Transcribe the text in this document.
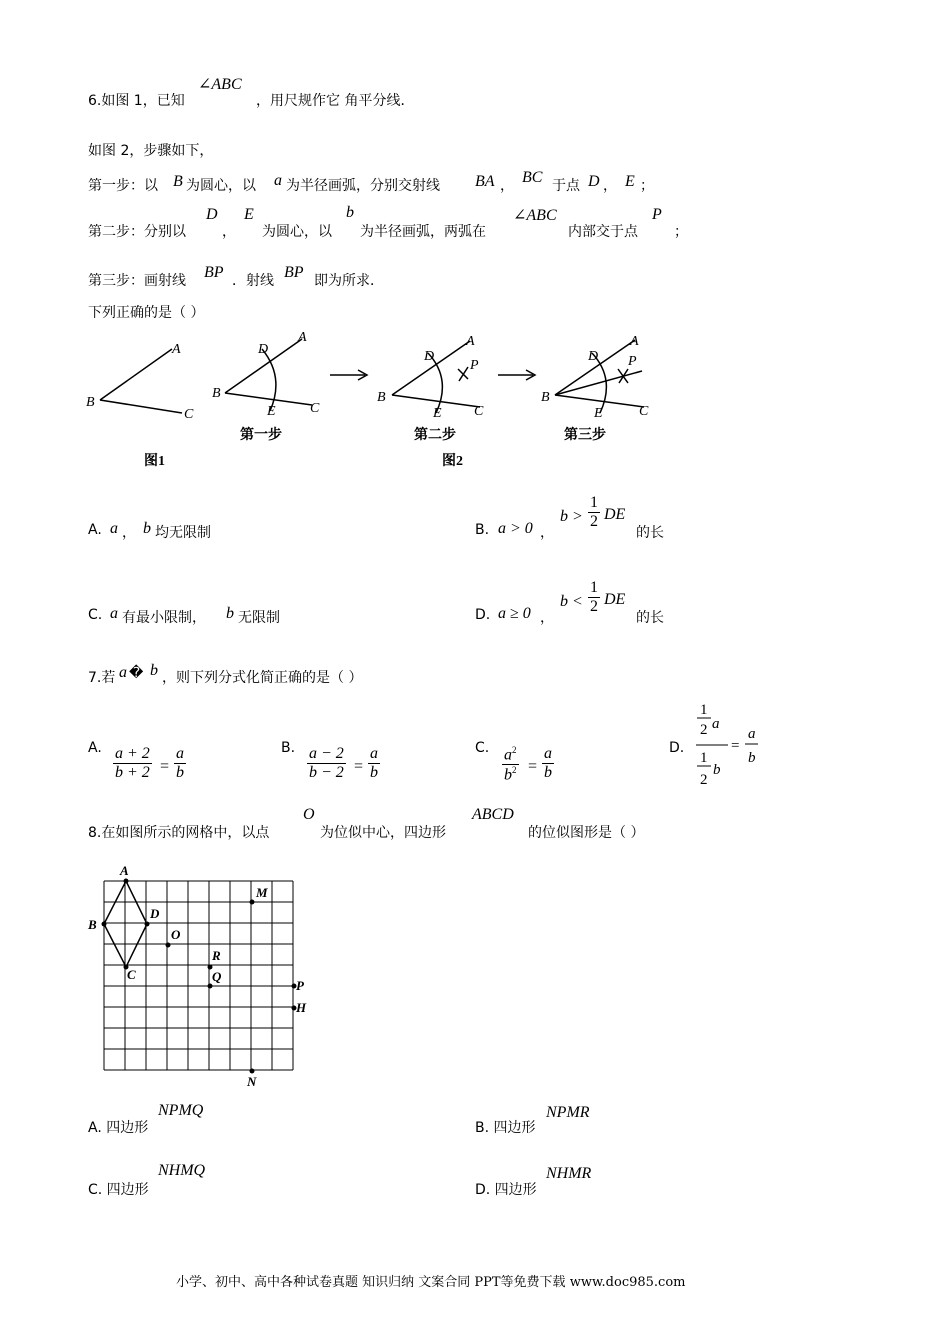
6.如图 1，已知
∠ABC
，用尺规作它 角平分线．
如图 2，步骤如下，
第一步：以 B 为圆心，以 a 为半径画弧，分别交射线 BA ， BC 于点 D ， E ；
第二步：分别以
D
，
E
为圆心，以
b
为半径画弧，两弧在
∠ABC
内部交于点
P
；
第三步：画射线 BP ．射线 BP 即为所求．
下列正确的是（ ）
A
B
C
A
B
C
D
E
A
B
C
D
E
P
A
B
C
D
E
P
第一步	第二步	第三步
图1	图2
A. a ， b 均无限制	B. a > 0 ，
$b > \frac{1}{2}$ DE
的长
C. a 有最小限制， b 无限制	D. a ≥ 0 ，
$b < \frac{1}{2}$ DE
的长
7.若 a � b ，则下列分式化简正确的是（ ）
A. $\frac{a + 2}{b + 2} = \frac{a}{b}$	B. $\frac{a - 2}{b - 2} = \frac{a}{b}$	C. $\frac{a^2}{b^2} = \frac{a}{b}$	D.
1
2 a
1
2
b
=
a
b
8.在如图所示的网格中，以点
O
为位似中心，四边形
ABCD
的位似图形是（ ）
A
B
C
D
O
R
Q
M
P
H
N
A. 四边形
NPMQ
B. 四边形
NPMR
C. 四边形
NHMQ
D. 四边形
NHMR
小学、初中、高中各种试卷真题 知识归纳 文案合同 PPT等免费下载 www.doc985.com
